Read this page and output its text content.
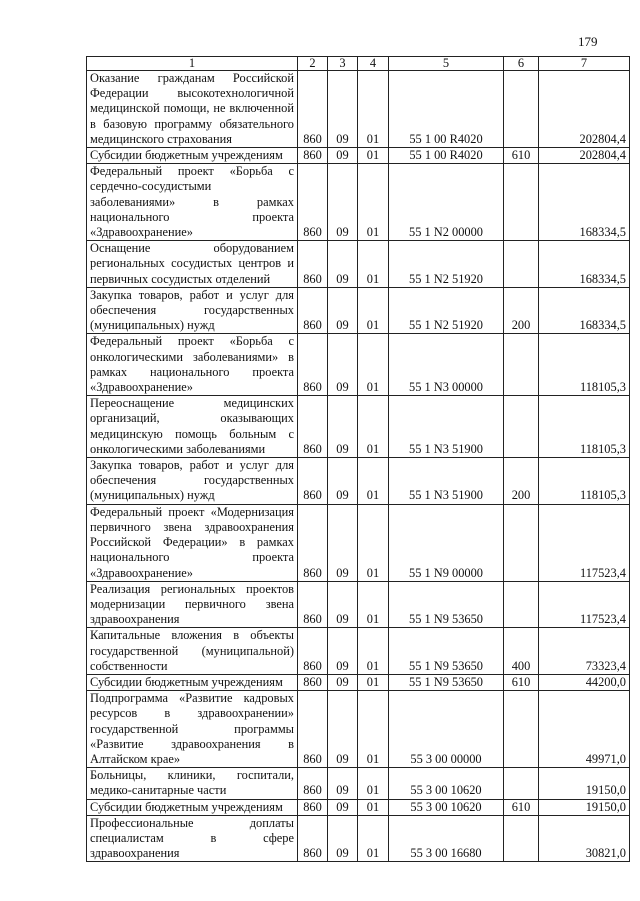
179
1	2	3	4	5	6	7
Оказание гражданам Российской Федерации высокотехнологичной медицинской помощи, не включенной в базовую программу обязательного медицинского страхования	860	09	01	55 1 00 R4020		202804,4
Субсидии бюджетным учреждениям	860	09	01	55 1 00 R4020	610	202804,4
Федеральный проект «Борьба с сердечно-сосудистыми заболеваниями» в рамках национального проекта «Здравоохранение»	860	09	01	55 1 N2 00000		168334,5
Оснащение оборудованием региональных сосудистых центров и первичных сосудистых отделений	860	09	01	55 1 N2 51920		168334,5
Закупка товаров, работ и услуг для обеспечения государственных (муниципальных) нужд	860	09	01	55 1 N2 51920	200	168334,5
Федеральный проект «Борьба с онкологическими заболеваниями» в рамках национального проекта «Здравоохранение»	860	09	01	55 1 N3 00000		118105,3
Переоснащение медицинских организаций, оказывающих медицинскую помощь больным с онкологическими заболеваниями	860	09	01	55 1 N3 51900		118105,3
Закупка товаров, работ и услуг для обеспечения государственных (муниципальных) нужд	860	09	01	55 1 N3 51900	200	118105,3
Федеральный проект «Модернизация первичного звена здравоохранения Российской Федерации» в рамках национального проекта «Здравоохранение»	860	09	01	55 1 N9 00000		117523,4
Реализация региональных проектов модернизации первичного звена здравоохранения	860	09	01	55 1 N9 53650		117523,4
Капитальные вложения в объекты государственной (муниципальной) собственности	860	09	01	55 1 N9 53650	400	73323,4
Субсидии бюджетным учреждениям	860	09	01	55 1 N9 53650	610	44200,0
Подпрограмма «Развитие кадровых ресурсов в здравоохранении» государственной программы «Развитие здравоохранения в Алтайском крае»	860	09	01	55 3 00 00000		49971,0
Больницы, клиники, госпитали, медико-санитарные части	860	09	01	55 3 00 10620		19150,0
Субсидии бюджетным учреждениям	860	09	01	55 3 00 10620	610	19150,0
Профессиональные доплаты специалистам в сфере здравоохранения	860	09	01	55 3 00 16680		30821,0
